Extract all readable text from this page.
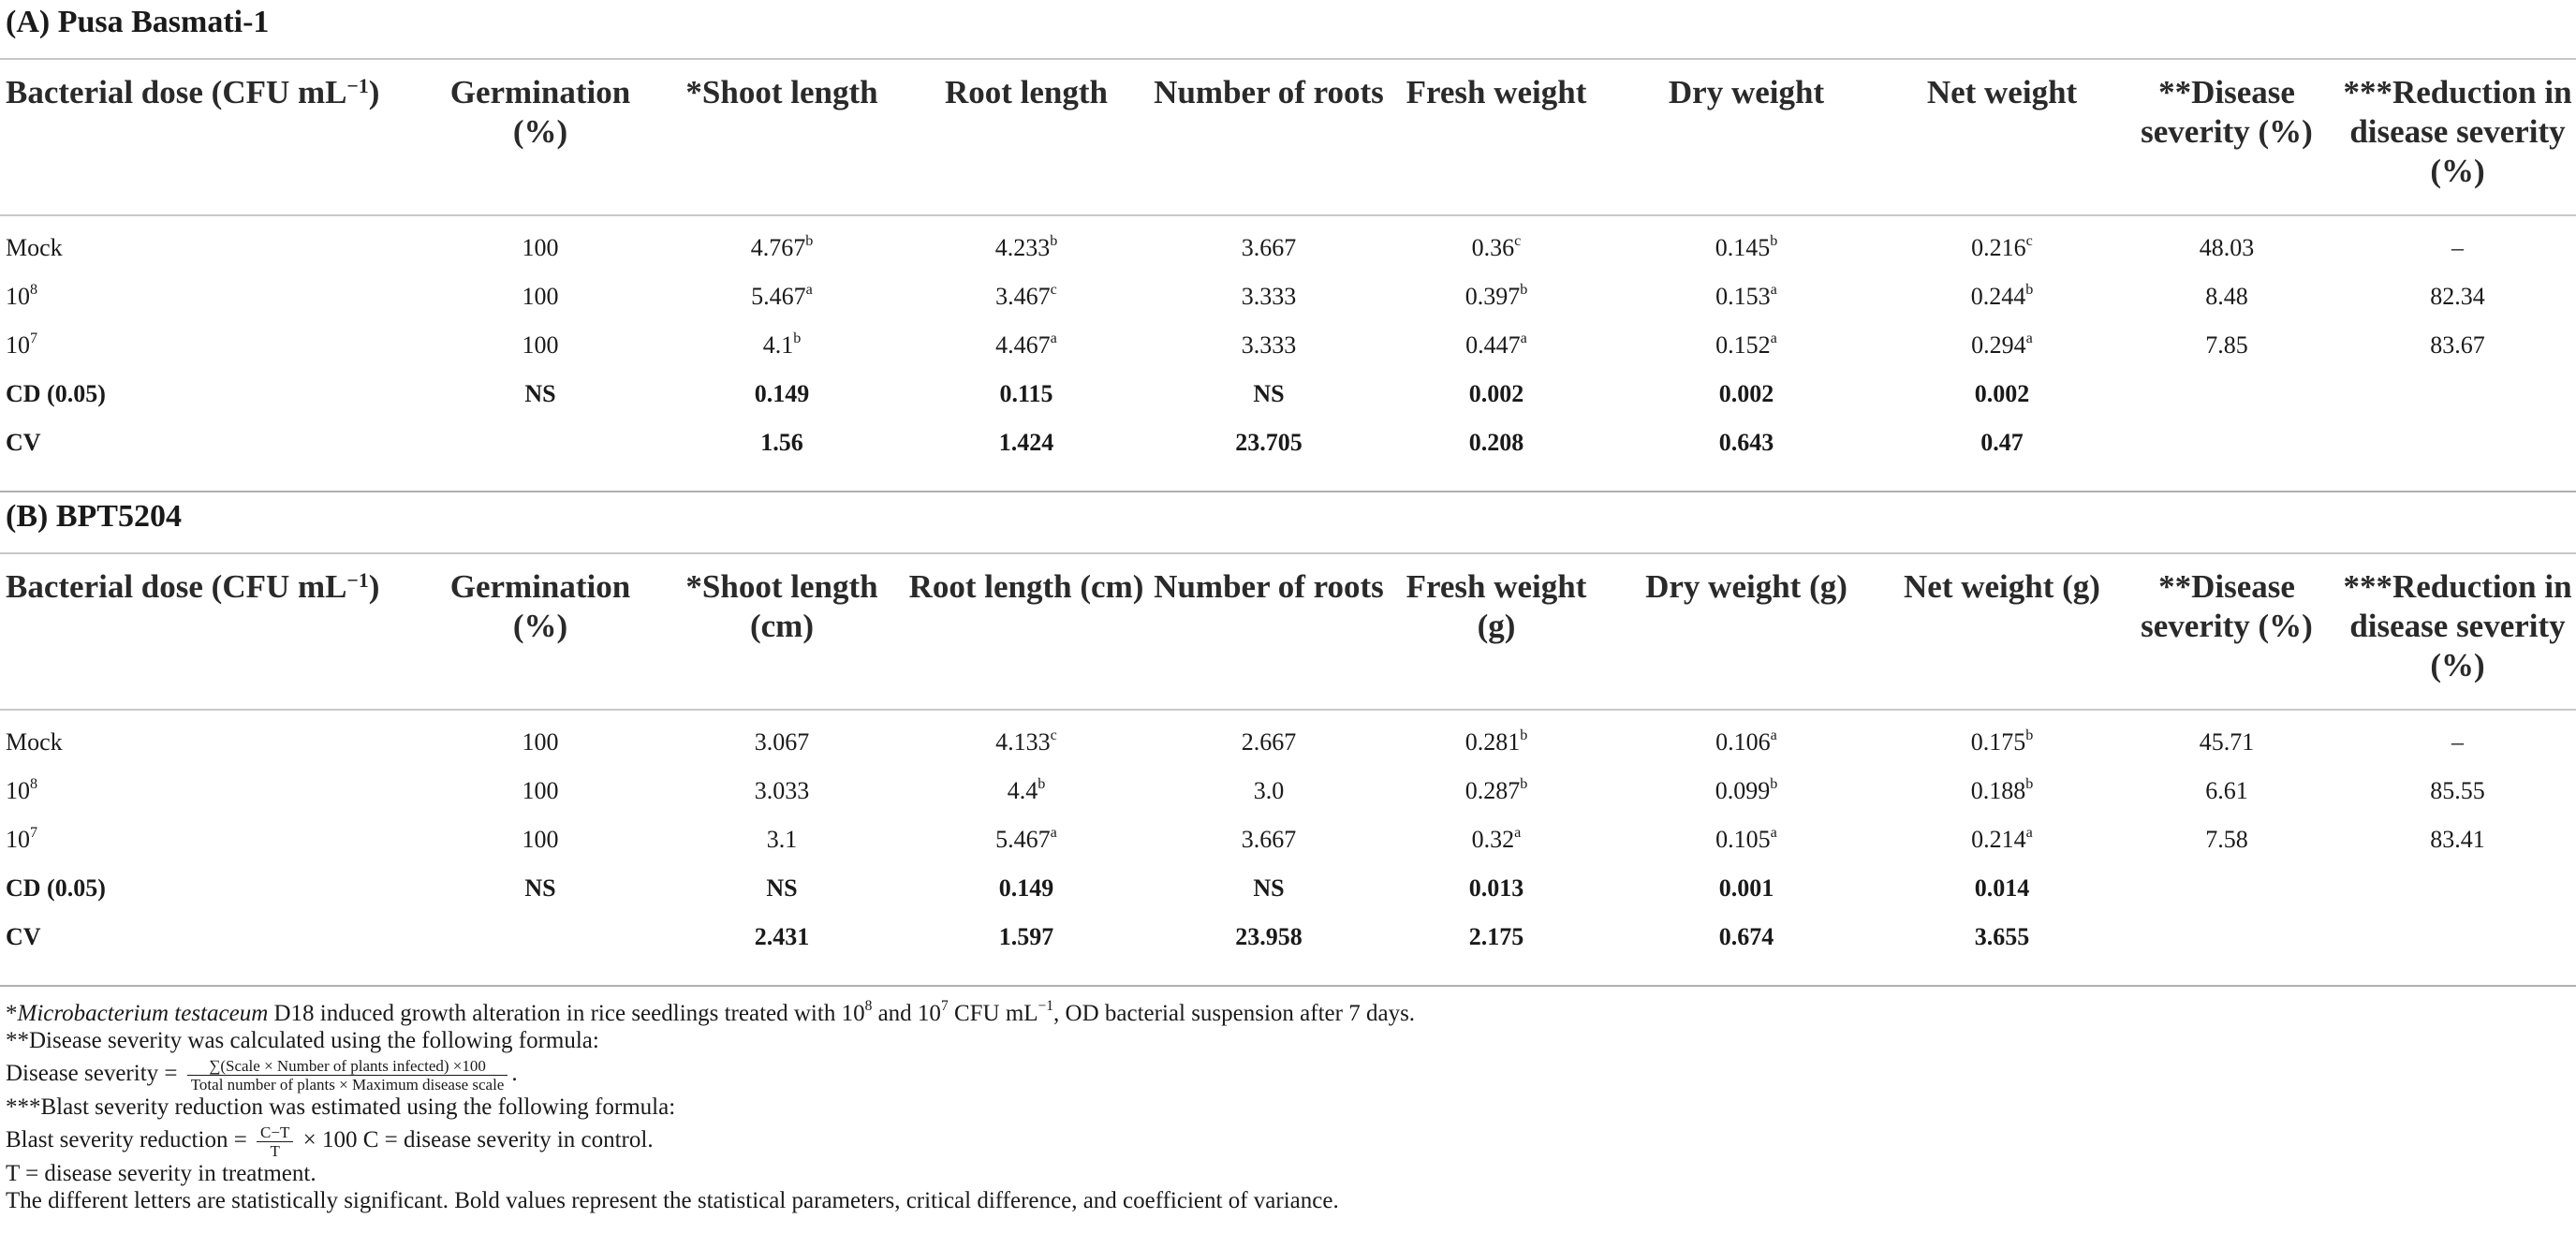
(A) Pusa Basmati-1
Bacterial dose (CFU $mL^{-1}$)	Germination (%)	*Shoot length	Root length	Number of roots	Fresh weight	Dry weight	Net weight	**Disease severity (%)	***Reduction in disease severity (%)

Mock	100	4.767$^b$	4.233$^b$	3.667	0.36$^c$	0.145$^b$	0.216$^c$	48.03	–
$10^8$	100	5.467$^a$	3.467$^c$	3.333	0.397$^b$	0.153$^a$	0.244$^b$	8.48	82.34
$10^7$	100	4.1$^b$	4.467$^a$	3.333	0.447$^a$	0.152$^a$	0.294$^a$	7.85	83.67
CD (0.05)	NS	0.149	0.115	NS	0.002	0.002	0.002		
CV		1.56	1.424	23.705	0.208	0.643	0.47		
(B) BPT5204
Bacterial dose (CFU $mL^{-1}$)	Germination (%)	*Shoot length (cm)	Root length (cm)	Number of roots	Fresh weight (g)	Dry weight (g)	Net weight (g)	**Disease severity (%)	***Reduction in disease severity (%)

Mock	100	3.067	4.133$^c$	2.667	0.281$^b$	0.106$^a$	0.175$^b$	45.71	–
$10^8$	100	3.033	4.4$^b$	3.0	0.287$^b$	0.099$^b$	0.188$^b$	6.61	85.55
$10^7$	100	3.1	5.467$^a$	3.667	0.32$^a$	0.105$^a$	0.214$^a$	7.58	83.41
CD (0.05)	NS	NS	0.149	NS	0.013	0.001	0.014		
CV		2.431	1.597	23.958	2.175	0.674	3.655		
*Microbacterium testaceum D18 induced growth alteration in rice seedlings treated with $10^8$ and $10^7$ CFU $mL^{-1}$, OD bacterial suspension after 7 days.
**Disease severity was calculated using the following formula:
Disease severity = $\frac{\text{∑(Scale × Number of plants infected) ×100}}{\text{Total number of plants × Maximum disease scale}}$ .
***Blast severity reduction was estimated using the following formula:
Blast severity reduction = $\frac{C-T}{T} \times 100$ C = disease severity in control.
T = disease severity in treatment.
The different letters are statistically significant. Bold values represent the statistical parameters, critical difference, and coefficient of variance.
